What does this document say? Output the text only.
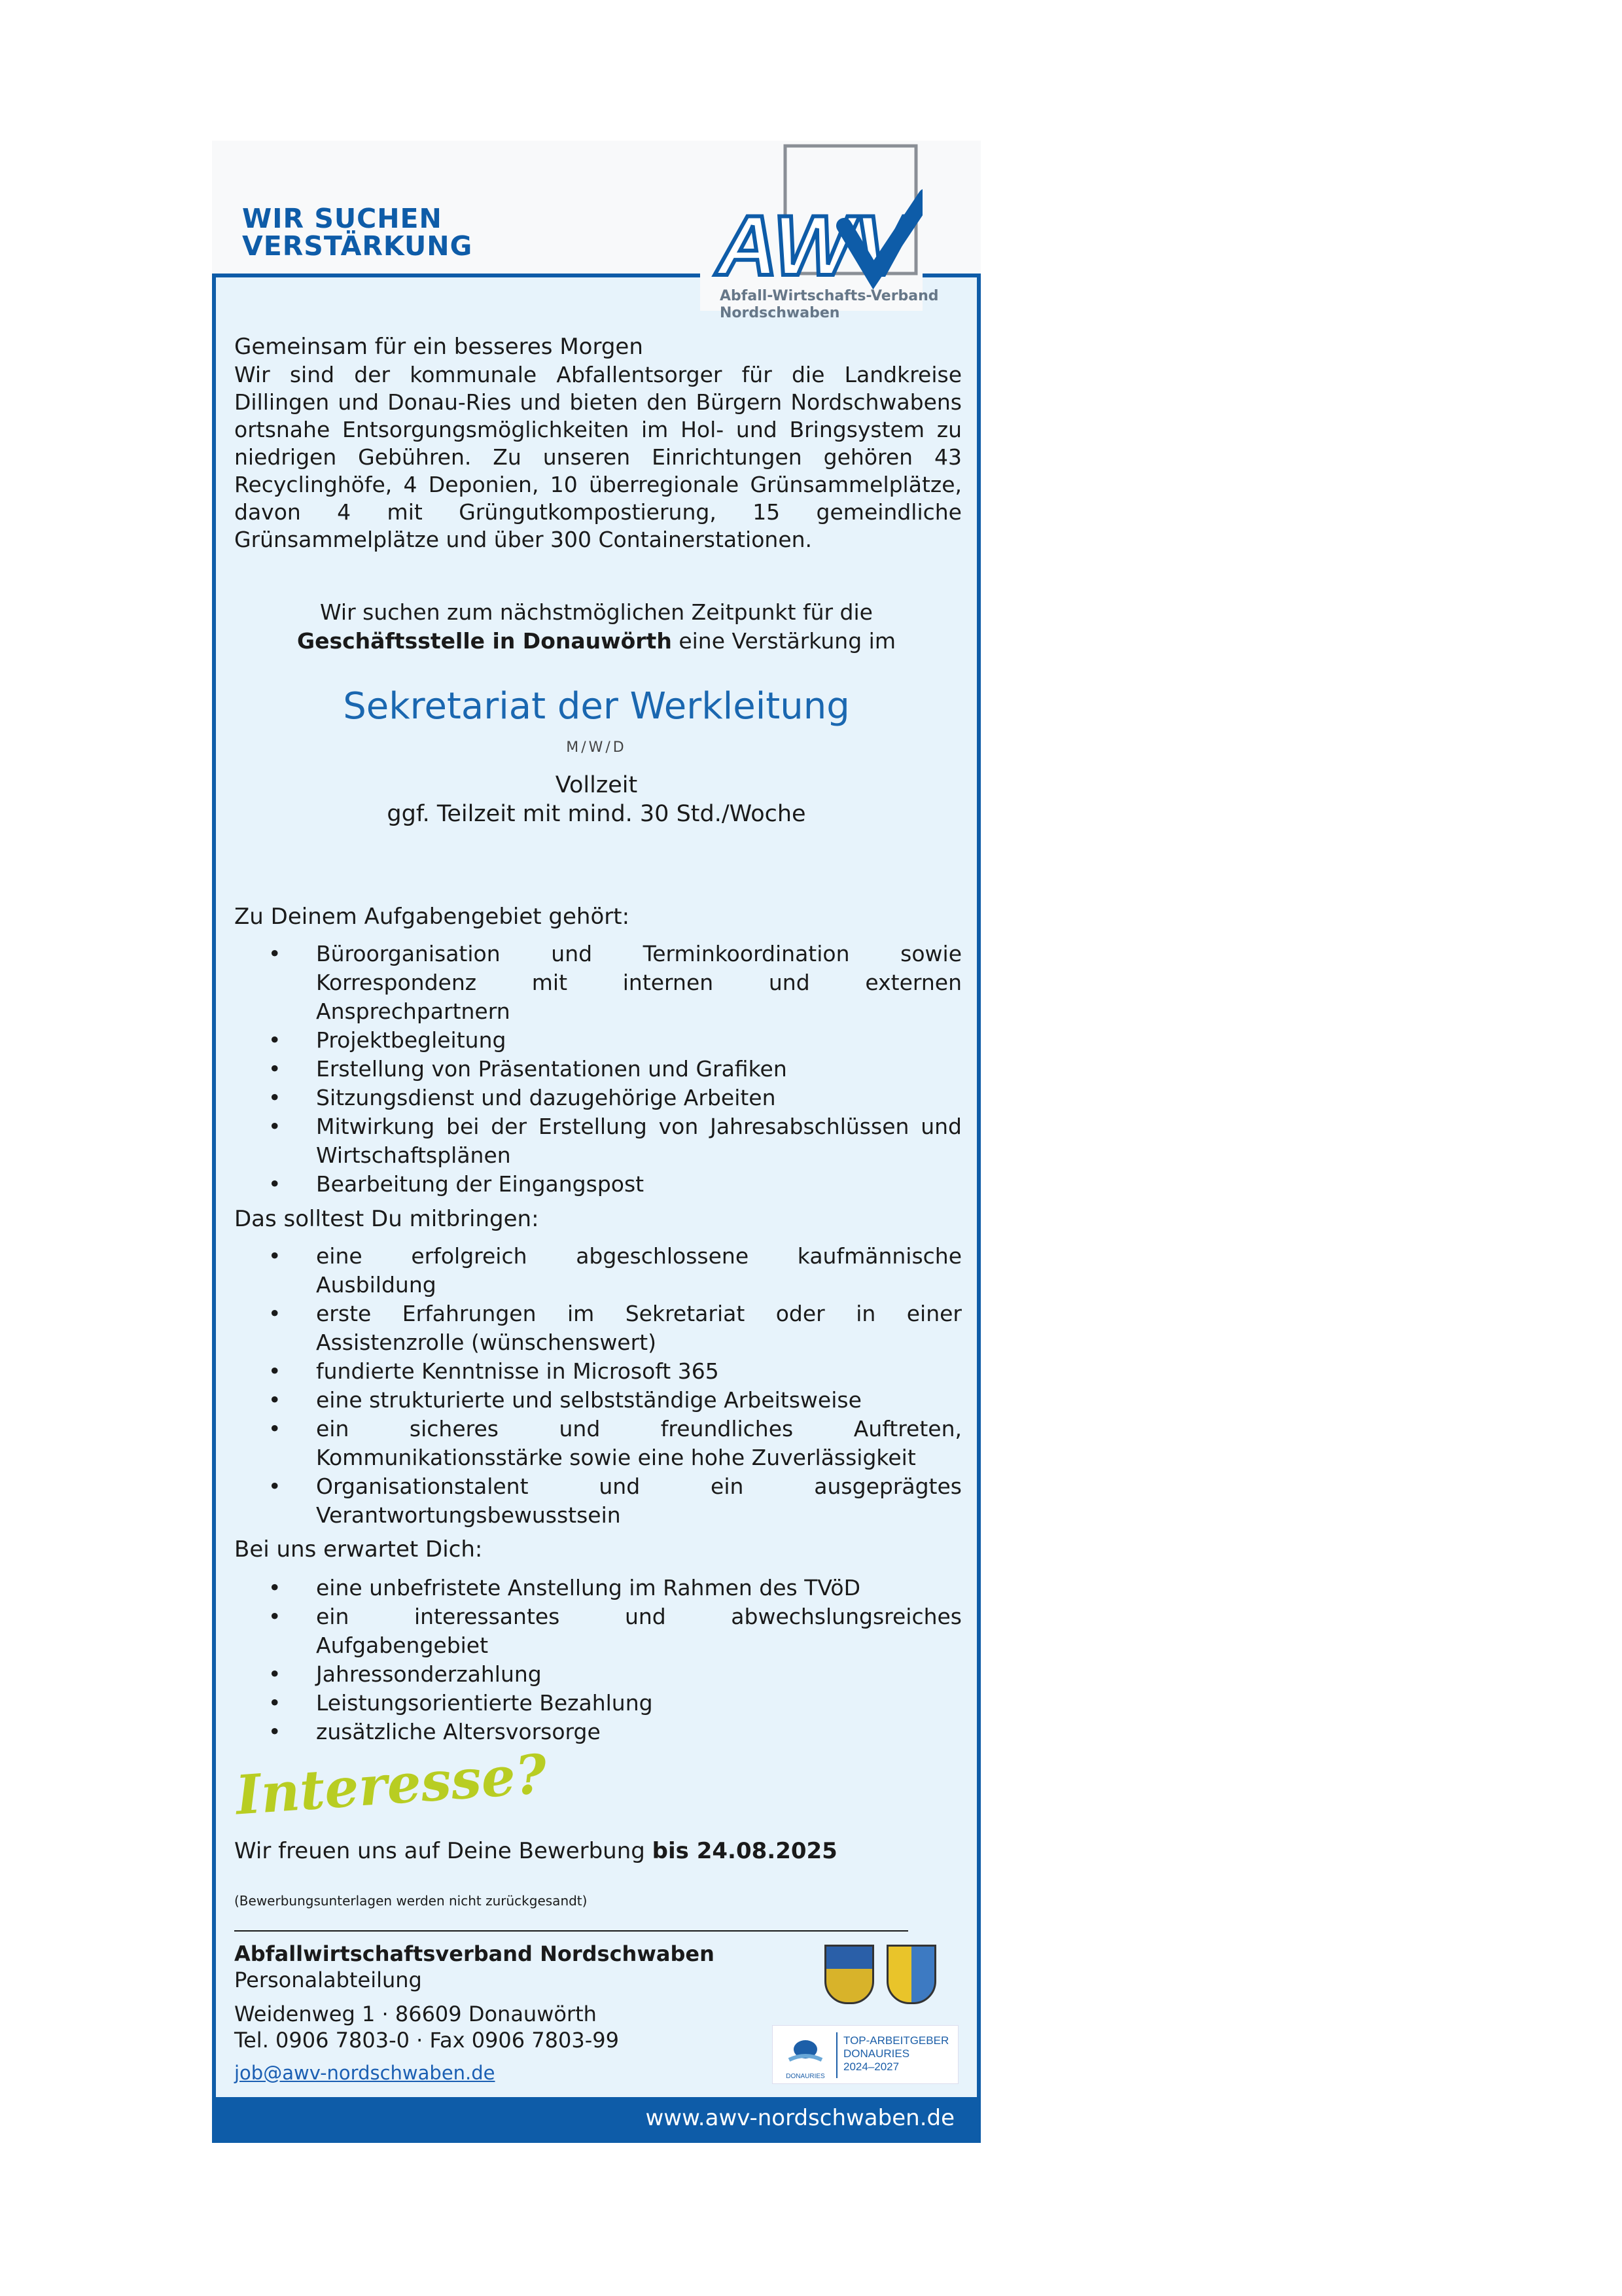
WIR SUCHEN
VERSTÄRKUNG	AWV
Abfall-Wirtschafts-Verband
Nordschwaben
Gemeinsam für ein besseres Morgen
Wir sind der kommunale Abfallentsorger für die Landkreise Dillingen und Donau-Ries und bieten den Bürgern Nordschwabens ortsnahe Entsorgungsmöglichkeiten im Hol- und Bringsystem zu niedrigen Gebühren. Zu unseren Einrichtungen gehören 43 Recyclinghöfe, 4 Deponien, 10 überregionale Grünsammelplätze, davon 4 mit Grüngutkompostierung, 15 gemeindliche Grünsammelplätze und über 300 Containerstationen.
Wir suchen zum nächstmöglichen Zeitpunkt für die
Geschäftsstelle in Donauwörth eine Verstärkung im
Sekretariat der Werkleitung
M/W/D
Vollzeit
ggf. Teilzeit mit mind. 30 Std./Woche
Zu Deinem Aufgabengebiet gehört:
• Büroorganisation und Terminkoordination sowie Korrespondenz mit internen und externen Ansprechpartnern
• Projektbegleitung
• Erstellung von Präsentationen und Grafiken
• Sitzungsdienst und dazugehörige Arbeiten
• Mitwirkung bei der Erstellung von Jahresabschlüssen und Wirtschaftsplänen
• Bearbeitung der Eingangspost
Das solltest Du mitbringen:
• eine erfolgreich abgeschlossene kaufmännische Ausbildung
• erste Erfahrungen im Sekretariat oder in einer Assistenzrolle (wünschenswert)
• fundierte Kenntnisse in Microsoft 365
• eine strukturierte und selbstständige Arbeitsweise
• ein sicheres und freundliches Auftreten, Kommunikationsstärke sowie eine hohe Zuverlässigkeit
• Organisationstalent und ein ausgeprägtes Verantwortungsbewusstsein
Bei uns erwartet Dich:
• eine unbefristete Anstellung im Rahmen des TVöD
• ein interessantes und abwechslungsreiches Aufgabengebiet
• Jahressonderzahlung
• Leistungsorientierte Bezahlung
• zusätzliche Altersvorsorge
Interesse?
Wir freuen uns auf Deine Bewerbung bis 24.08.2025
(Bewerbungsunterlagen werden nicht zurückgesandt)
Abfallwirtschaftsverband Nordschwaben
Personalabteilung
Weidenweg 1 · 86609 Donauwörth
Tel. 0906 7803-0 · Fax 0906 7803-99
job@awv-nordschwaben.de	DONAURIES
TOP-ARBEITGEBER
DONAURIES
2024–2027
www.awv-nordschwaben.de
